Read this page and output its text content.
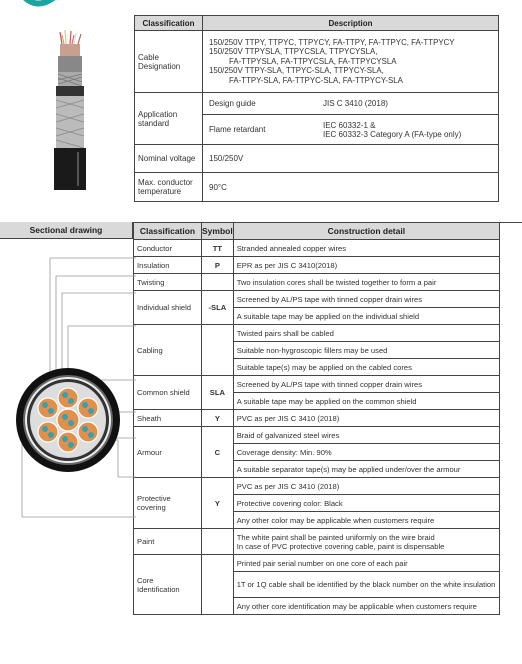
Classification	Description
Cable Designation	150/250V TTPY, TTPYC, TTPYCY, FA-TTPY, FA-TTPYC, FA-TTPYCY
150/250V TTPYSLA, TTPYCSLA, TTPYCYSLA,
FA-TTPYSLA, FA-TTPYCSLA, FA-TTPYCYSLA
150/250V TTPY-SLA, TTPYC-SLA, TTPYCY-SLA,
FA-TTPY-SLA, FA-TTPYC-SLA, FA-TTPYCY-SLA

Application standard	Design guide JIS C 3410 (2018)

	Flame retardant IEC 60332-1 &
IEC 60332-3 Category A (FA-type only)

Nominal voltage	150/250V
Max. conductor temperature	90°C
Sectional drawing	Classification	Symbol	Construction detail
Conductor	TT	Stranded annealed copper wires
Insulation	P	EPR as per JIS C 3410(2018)
Twisting		Two insulation cores shall be twisted together to form a pair
Individual shield	-SLA	Screened by AL/PS tape with tinned copper drain wires
		A suitable tape may be applied on the individual shield
Cabling		Twisted pairs shall be cabled
		Suitable non-hygroscopic fillers may be used
		Suitable tape(s) may be applied on the cabled cores
Common shield	SLA	Screened by AL/PS tape with tinned copper drain wires
		A suitable tape may be applied on the common shield
Sheath	Y	PVC as per JIS C 3410 (2018)
Armour	C	Braid of galvanized steel wires
		Coverage density: Min. 90%
		A suitable separator tape(s) may be applied under/over the armour
Protective covering	Y	PVC as per JIS C 3410 (2018)
		Protective covering color: Black
		Any other color may be applicable when customers require
Paint		The white paint shall be painted uniformly on the wire braid
In case of PVC protective covering cable, paint is dispensable

Core Identification		Printed pair serial number on one core of each pair
		1T or 1Q cable shall be identified by the black number on the white insulation
		Any other core identification may be applicable when customers require
